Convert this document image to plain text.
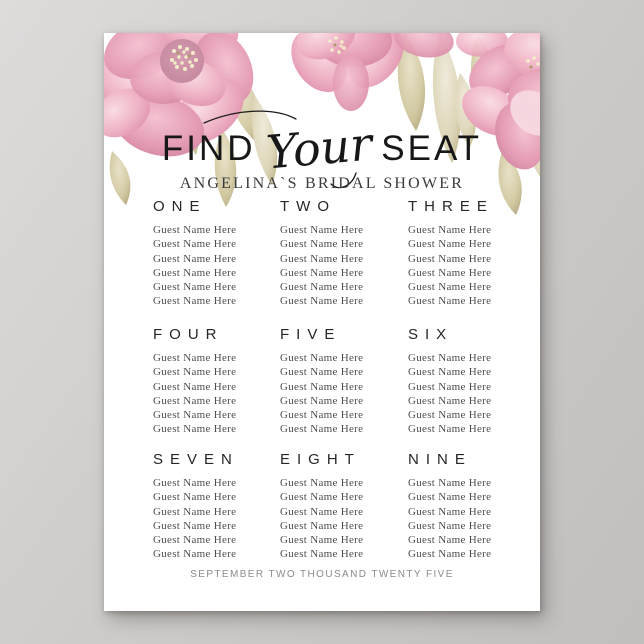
FIND Your SEAT
ANGELINA`S BRIDAL SHOWER
ONE
Guest Name Here
Guest Name Here
Guest Name Here
Guest Name Here
Guest Name Here
Guest Name Here
TWO
Guest Name Here
Guest Name Here
Guest Name Here
Guest Name Here
Guest Name Here
Guest Name Here
THREE
Guest Name Here
Guest Name Here
Guest Name Here
Guest Name Here
Guest Name Here
Guest Name Here
FOUR
Guest Name Here
Guest Name Here
Guest Name Here
Guest Name Here
Guest Name Here
Guest Name Here
FIVE
Guest Name Here
Guest Name Here
Guest Name Here
Guest Name Here
Guest Name Here
Guest Name Here
SIX
Guest Name Here
Guest Name Here
Guest Name Here
Guest Name Here
Guest Name Here
Guest Name Here
SEVEN
Guest Name Here
Guest Name Here
Guest Name Here
Guest Name Here
Guest Name Here
Guest Name Here
EIGHT
Guest Name Here
Guest Name Here
Guest Name Here
Guest Name Here
Guest Name Here
Guest Name Here
NINE
Guest Name Here
Guest Name Here
Guest Name Here
Guest Name Here
Guest Name Here
Guest Name Here
SEPTEMBER TWO THOUSAND TWENTY FIVE
